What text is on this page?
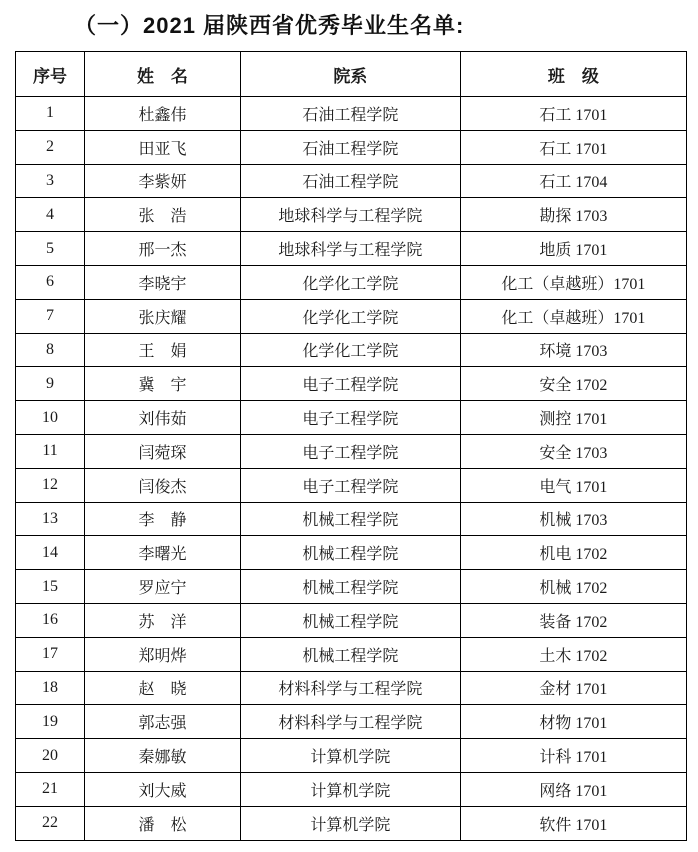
（一）2021 届陕西省优秀毕业生名单:
序号	姓　名	院系	班　级
1	杜鑫伟	石油工程学院	石工 1701
2	田亚飞	石油工程学院	石工 1701
3	李紫妍	石油工程学院	石工 1704
4	张　浩	地球科学与工程学院	勘探 1703
5	邢一杰	地球科学与工程学院	地质 1701
6	李晓宇	化学化工学院	化工（卓越班）1701
7	张庆耀	化学化工学院	化工（卓越班）1701
8	王　娟	化学化工学院	环境 1703
9	冀　宇	电子工程学院	安全 1702
10	刘伟茹	电子工程学院	测控 1701
11	闫菀琛	电子工程学院	安全 1703
12	闫俊杰	电子工程学院	电气 1701
13	李　静	机械工程学院	机械 1703
14	李曙光	机械工程学院	机电 1702
15	罗应宁	机械工程学院	机械 1702
16	苏　洋	机械工程学院	装备 1702
17	郑明烨	机械工程学院	土木 1702
18	赵　晓	材料科学与工程学院	金材 1701
19	郭志强	材料科学与工程学院	材物 1701
20	秦娜敏	计算机学院	计科 1701
21	刘大威	计算机学院	网络 1701
22	潘　松	计算机学院	软件 1701
